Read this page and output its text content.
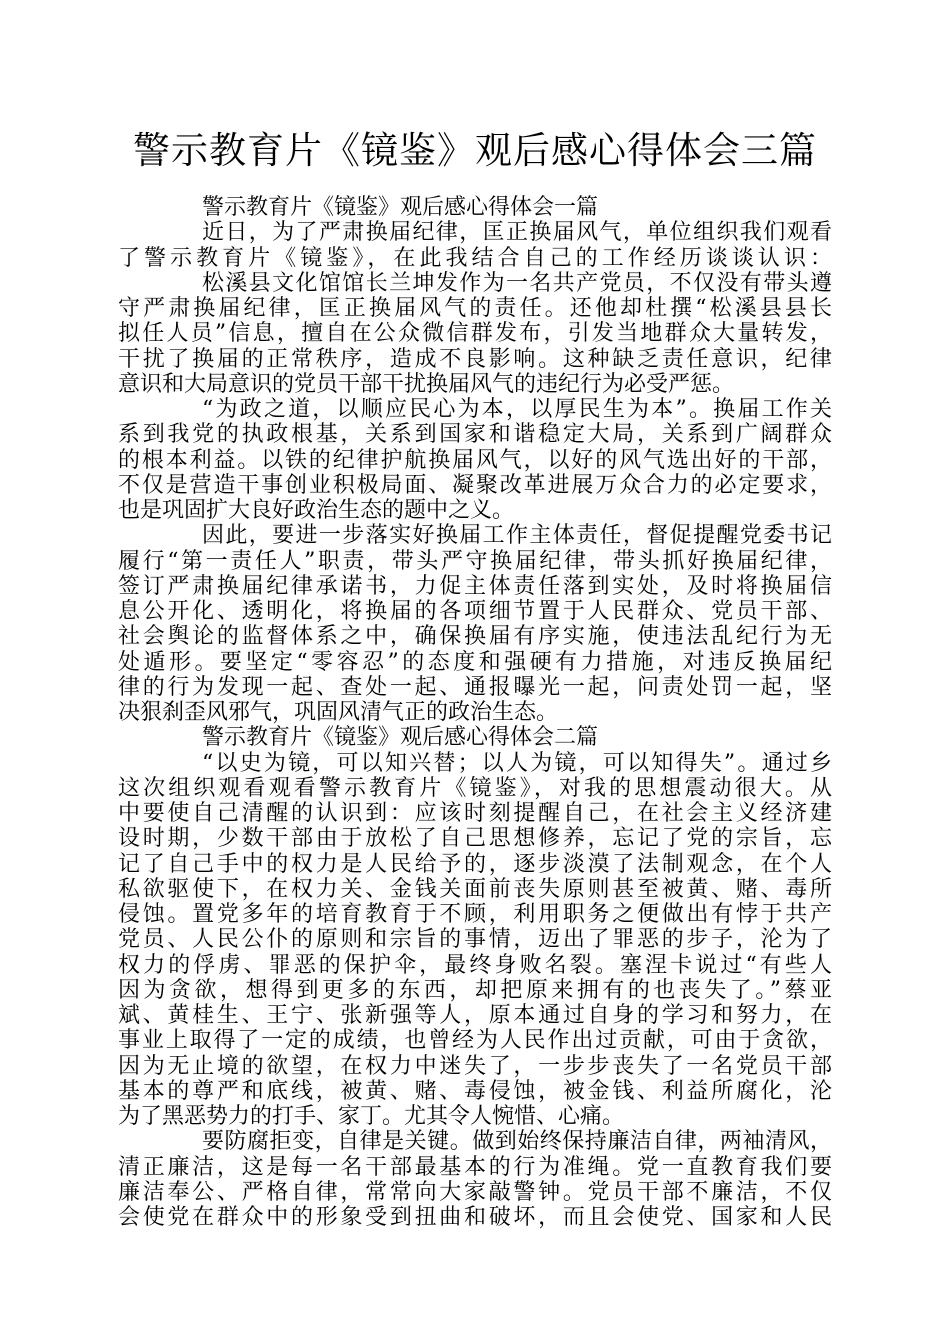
警示教育片《镜鉴》观后感心得体会三篇
警示教育片《镜鉴》观后感心得体会一篇
近日，为了严肃换届纪律，匡正换届风气，单位组织我们观看
了警示教育片《镜鉴》，在此我结合自己的工作经历谈谈认识：
松溪县文化馆馆长兰坤发作为一名共产党员，不仅没有带头遵
守严肃换届纪律，匡正换届风气的责任。还他却杜撰“松溪县县长
拟任人员”信息，擅自在公众微信群发布，引发当地群众大量转发，
干扰了换届的正常秩序，造成不良影响。这种缺乏责任意识，纪律
意识和大局意识的党员干部干扰换届风气的违纪行为必受严惩。
“为政之道，以顺应民心为本，以厚民生为本”。换届工作关
系到我党的执政根基，关系到国家和谐稳定大局，关系到广阔群众
的根本利益。以铁的纪律护航换届风气，以好的风气选出好的干部，
不仅是营造干事创业积极局面、凝聚改革进展万众合力的必定要求，
也是巩固扩大良好政治生态的题中之义。
因此，要进一步落实好换届工作主体责任，督促提醒党委书记
履行“第一责任人”职责，带头严守换届纪律，带头抓好换届纪律，
签订严肃换届纪律承诺书，力促主体责任落到实处，及时将换届信
息公开化、透明化，将换届的各项细节置于人民群众、党员干部、
社会舆论的监督体系之中，确保换届有序实施，使违法乱纪行为无
处遁形。要坚定“零容忍”的态度和强硬有力措施，对违反换届纪
律的行为发现一起、查处一起、通报曝光一起，问责处罚一起，坚
决狠刹歪风邪气，巩固风清气正的政治生态。
警示教育片《镜鉴》观后感心得体会二篇
“以史为镜，可以知兴替；以人为镜，可以知得失”。通过乡
这次组织观看观看警示教育片《镜鉴》，对我的思想震动很大。从
中要使自己清醒的认识到：应该时刻提醒自己，在社会主义经济建
设时期，少数干部由于放松了自己思想修养，忘记了党的宗旨，忘
记了自己手中的权力是人民给予的，逐步淡漠了法制观念，在个人
私欲驱使下，在权力关、金钱关面前丧失原则甚至被黄、赌、毒所
侵蚀。置党多年的培育教育于不顾，利用职务之便做出有悖于共产
党员、人民公仆的原则和宗旨的事情，迈出了罪恶的步子，沦为了
权力的俘虏、罪恶的保护伞，最终身败名裂。塞涅卡说过“有些人
因为贪欲，想得到更多的东西，却把原来拥有的也丧失了。”蔡亚
斌、黄桂生、王宁、张新强等人，原本通过自身的学习和努力，在
事业上取得了一定的成绩，也曾经为人民作出过贡献，可由于贪欲，
因为无止境的欲望，在权力中迷失了，一步步丧失了一名党员干部
基本的尊严和底线，被黄、赌、毒侵蚀，被金钱、利益所腐化，沦
为了黑恶势力的打手、家丁。尤其令人惋惜、心痛。
要防腐拒变，自律是关键。做到始终保持廉洁自律，两袖清风，
清正廉洁，这是每一名干部最基本的行为准绳。党一直教育我们要
廉洁奉公、严格自律，常常向大家敲警钟。党员干部不廉洁，不仅
会使党在群众中的形象受到扭曲和破坏，而且会使党、国家和人民
